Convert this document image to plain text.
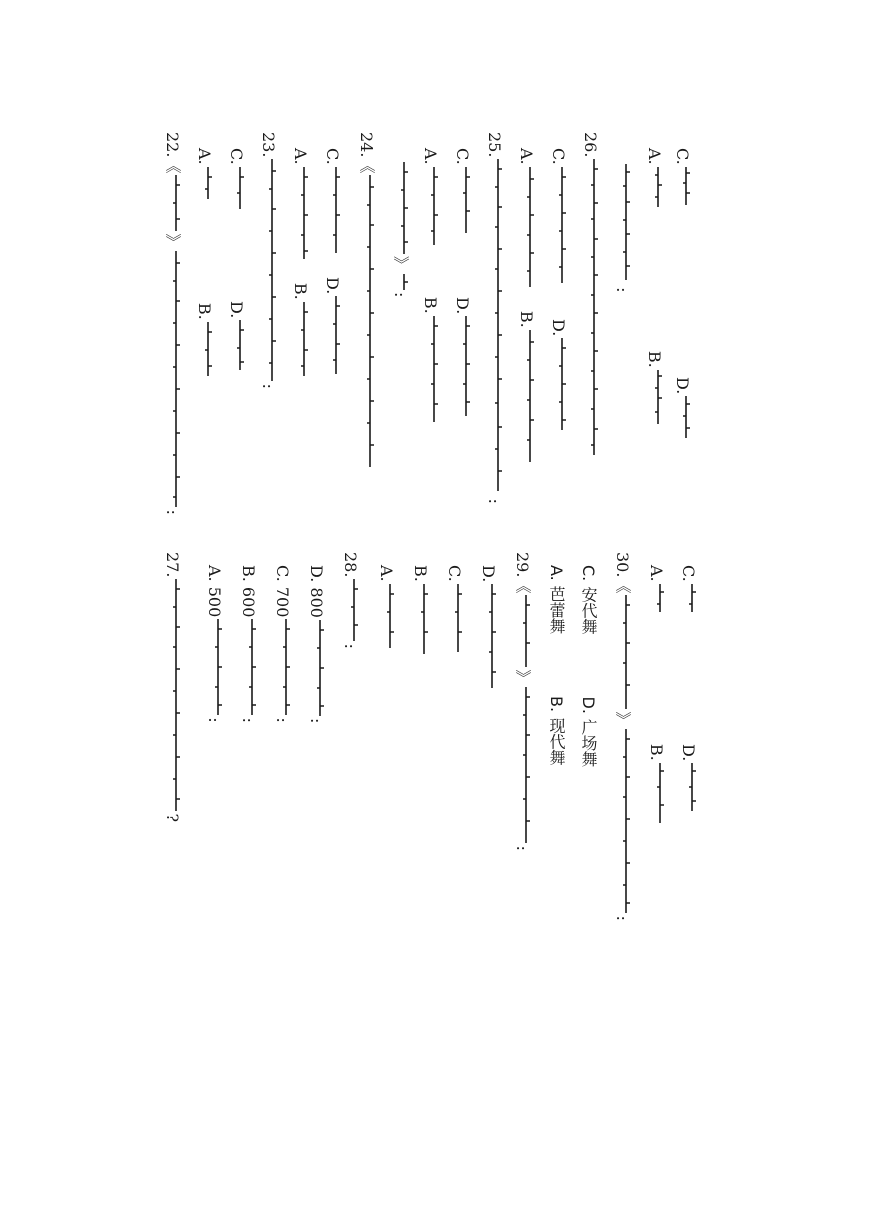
C.
D.
A.
B.
:
26.
C.
D.
A.
B.
25.
:
C.
D.
A.
B.
》
:
24.《
C.
D.
A.
B.
23.
:
C.
D.
A.
B.
22.《
》
:
C.
D.
A.
B.
30.《
》
:
C. 安代舞  D. 广场舞
A. 芭蕾舞  B. 现代舞
29.《
》
:
D.
C.
B.
A.
28.
:
D. 800
:
C. 700
:
B. 600
:
A. 500
:
27.
?
